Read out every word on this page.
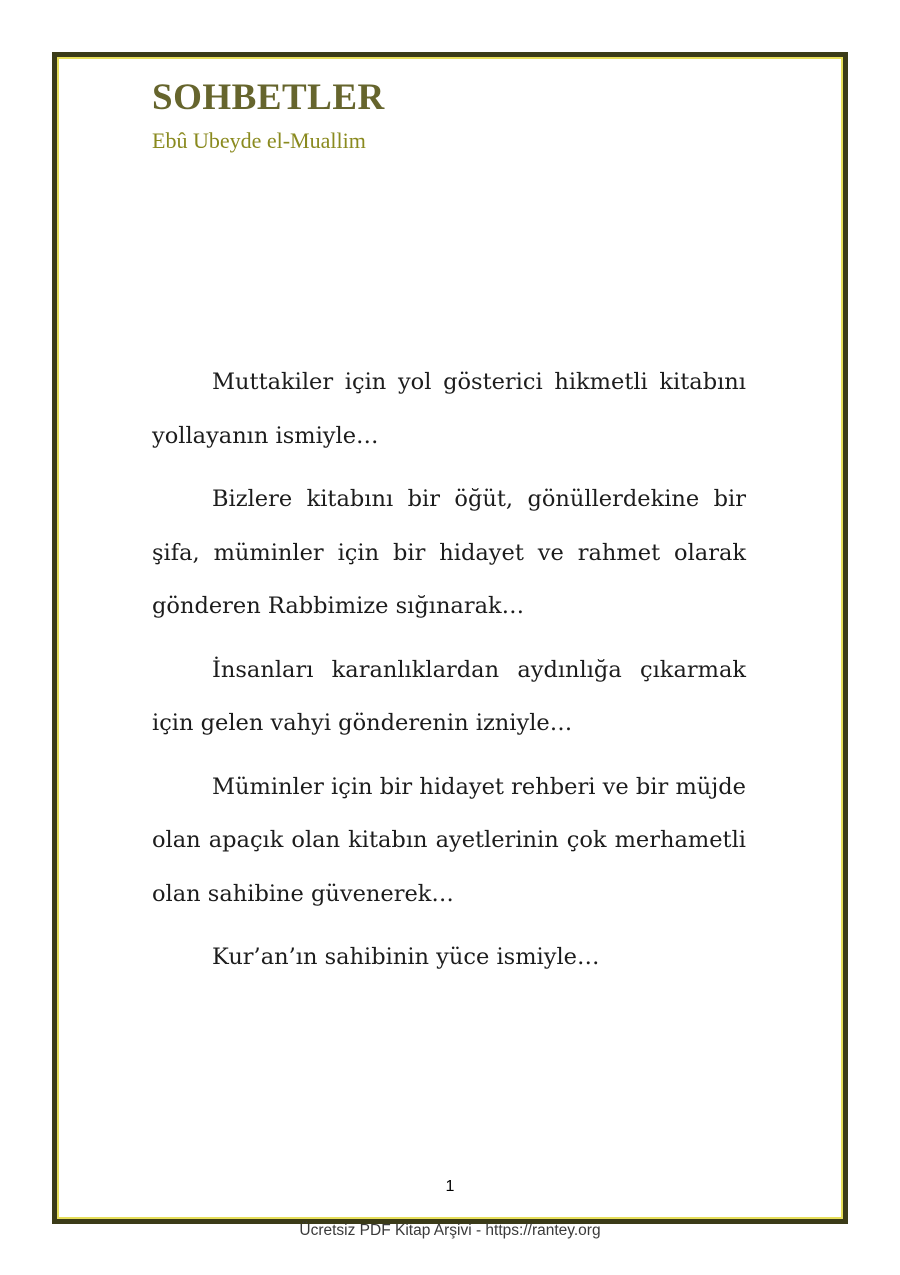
SOHBETLER
Ebû Ubeyde el-Muallim

Muttakiler için yol gösterici hikmetli kitabını yollayanın ismiyle…

Bizlere kitabını bir öğüt, gönüllerdekine bir şifa, müminler için bir hidayet ve rahmet olarak gönderen Rabbimize sığınarak…

İnsanları karanlıklardan aydınlığa çıkarmak için gelen vahyi gönderenin izniyle…

Müminler için bir hidayet rehberi ve bir müjde olan apaçık olan kitabın ayetlerinin çok merhametli olan sahibine güvenerek…

Kur’an’ın sahibinin yüce ismiyle…

1
Ücretsiz PDF Kitap Arşivi - https://rantey.org
